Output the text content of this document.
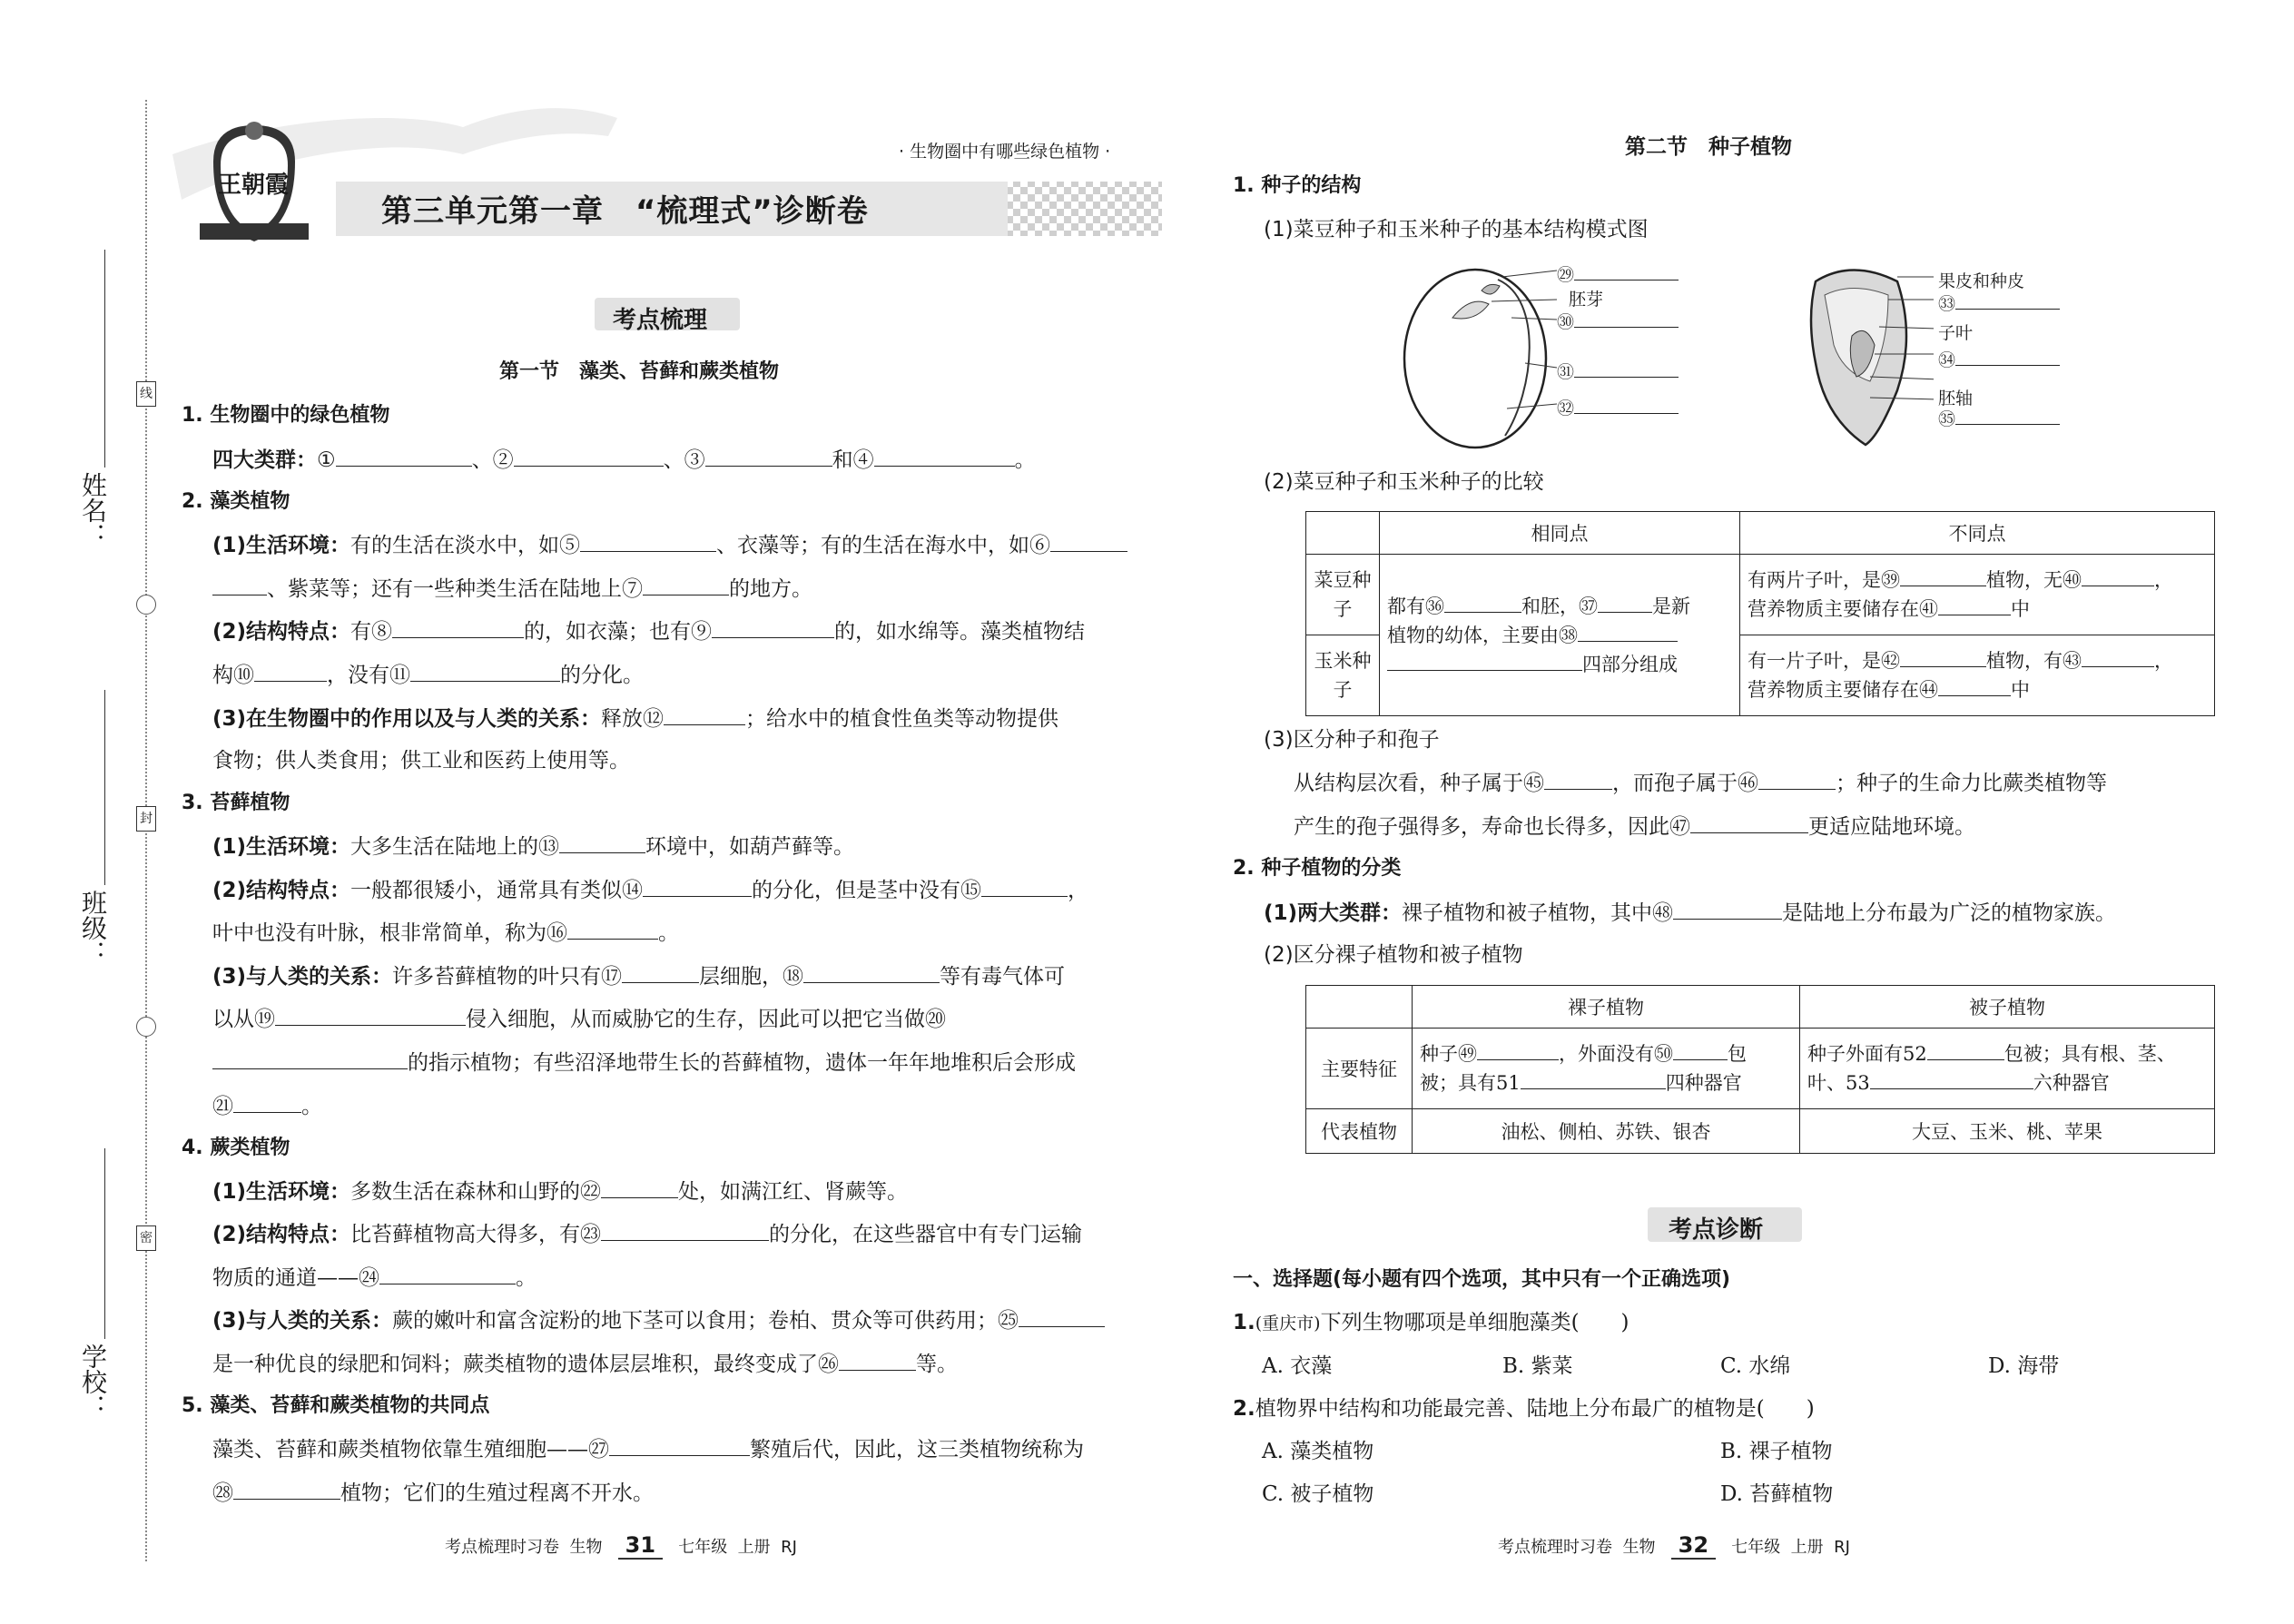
姓名：
班级：
学校：
线
封
密
王朝霞
· 生物圈中有哪些绿色植物 ·
第三单元第一章　“梳理式”诊断卷
考点梳理
第一节　藻类、苔藓和蕨类植物
1. 生物圈中的绿色植物
四大类群：①	、②	、③	和④	。
2. 藻类植物
(1)生活环境：有的生活在淡水中，如⑤	、衣藻等；有的生活在海水中，如⑥
、紫菜等；还有一些种类生活在陆地上⑦	的地方。
(2)结构特点：有⑧	的，如衣藻；也有⑨	的，如水绵等。藻类植物结
构⑩	，没有⑪	的分化。
(3)在生物圈中的作用以及与人类的关系：释放⑫	；给水中的植食性鱼类等动物提供
食物；供人类食用；供工业和医药上使用等。
3. 苔藓植物
(1)生活环境：大多生活在陆地上的⑬	环境中，如葫芦藓等。
(2)结构特点：一般都很矮小，通常具有类似⑭	的分化，但是茎中没有⑮	，
叶中也没有叶脉，根非常简单，称为⑯	。
(3)与人类的关系：许多苔藓植物的叶只有⑰	层细胞，⑱	等有毒气体可
以从⑲	侵入细胞，从而威胁它的生存，因此可以把它当做⑳
的指示植物；有些沼泽地带生长的苔藓植物，遗体一年年地堆积后会形成
㉑	。
4. 蕨类植物
(1)生活环境：多数生活在森林和山野的㉒	处，如满江红、肾蕨等。
(2)结构特点：比苔藓植物高大得多，有㉓	的分化，在这些器官中有专门运输
物质的通道——㉔	。
(3)与人类的关系：蕨的嫩叶和富含淀粉的地下茎可以食用；卷柏、贯众等可供药用；㉕
是一种优良的绿肥和饲料；蕨类植物的遗体层层堆积，最终变成了㉖	等。
5. 藻类、苔藓和蕨类植物的共同点
藻类、苔藓和蕨类植物依靠生殖细胞——㉗	繁殖后代，因此，这三类植物统称为
㉘	植物；它们的生殖过程离不开水。
考点梳理时习卷 生物 31 七年级 上册 RJ
第二节　种子植物
1. 种子的结构
(1)菜豆种子和玉米种子的基本结构模式图
㉙
胚芽
㉚
㉛
㉜
果皮和种皮
㉝
子叶
㉞
胚轴
㉟
(2)菜豆种子和玉米种子的比较
	相同点	不同点
菜豆种子	都有㊱ 和胚，㊲ 是新
植物的幼体，主要由㊳
四部分组成	有两片子叶，是㊴ 植物，无㊵ ，
营养物质主要储存在㊶ 中
玉米种子		有一片子叶，是㊷ 植物，有㊸ ，
营养物质主要储存在㊹ 中
(3)区分种子和孢子
从结构层次看，种子属于㊺	，而孢子属于㊻	；种子的生命力比蕨类植物等
产生的孢子强得多，寿命也长得多，因此㊼	更适应陆地环境。
2. 种子植物的分类
(1)两大类群：裸子植物和被子植物，其中㊽	是陆地上分布最为广泛的植物家族。
(2)区分裸子植物和被子植物
	裸子植物	被子植物
主要特征	种子㊾ ，外面没有㊿ 包
被；具有51 四种器官	种子外面有52 包被；具有根、茎、
叶、53 六种器官
代表植物	油松、侧柏、苏铁、银杏	大豆、玉米、桃、苹果
考点诊断
一、选择题(每小题有四个选项，其中只有一个正确选项)
1.(重庆市)下列生物哪项是单细胞藻类(　　)
A. 衣藻	B. 紫菜	C. 水绵	D. 海带
2.植物界中结构和功能最完善、陆地上分布最广的植物是(　　)
A. 藻类植物	B. 裸子植物
C. 被子植物	D. 苔藓植物
考点梳理时习卷 生物 32 七年级 上册 RJ
